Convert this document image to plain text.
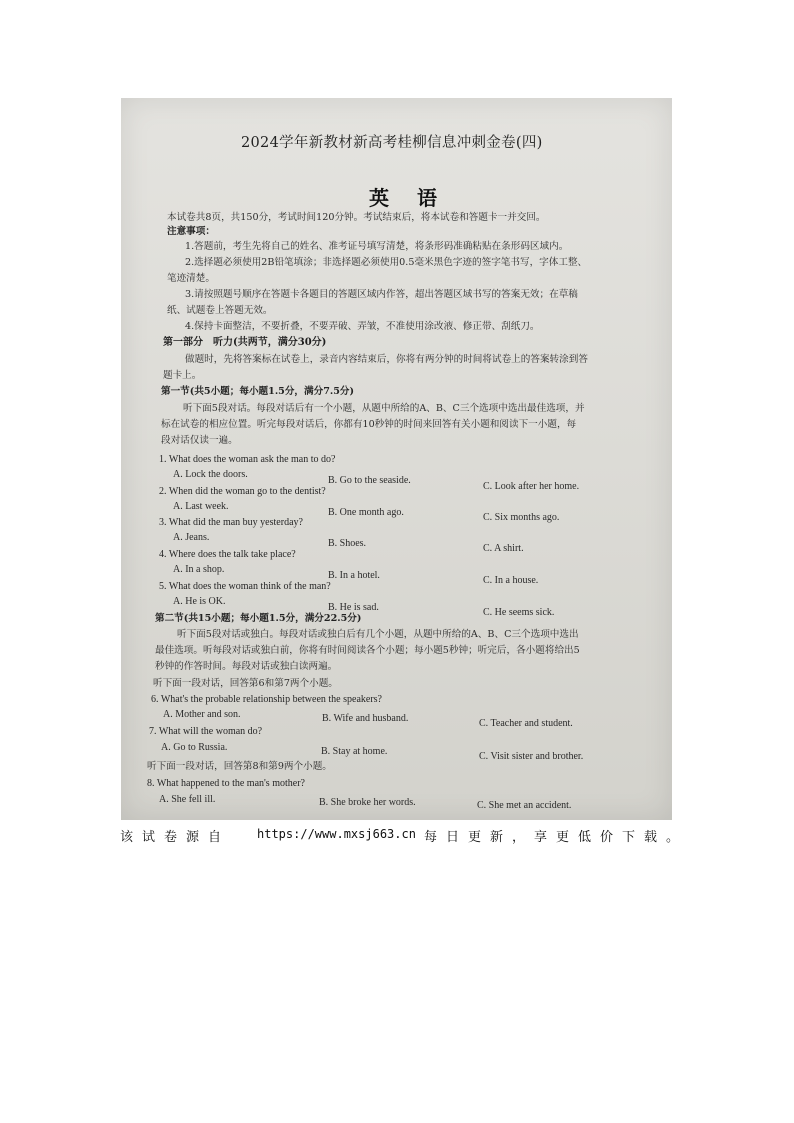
2024学年新教材新高考桂柳信息冲刺金卷(四)
英语
本试卷共8页，共150分，考试时间120分钟。考试结束后，将本试卷和答题卡一并交回。
注意事项：
1.答题前，考生先将自己的姓名、准考证号填写清楚，将条形码准确粘贴在条形码区域内。
2.选择题必须使用2B铅笔填涂；非选择题必须使用0.5毫米黑色字迹的签字笔书写，字体工整、
笔迹清楚。
3.请按照题号顺序在答题卡各题目的答题区域内作答，超出答题区域书写的答案无效；在草稿
纸、试题卷上答题无效。
4.保持卡面整洁，不要折叠，不要弄破、弄皱，不准使用涂改液、修正带、刮纸刀。
第一部分　听力(共两节，满分30分)
做题时，先将答案标在试卷上，录音内容结束后，你将有两分钟的时间将试卷上的答案转涂到答
题卡上。
第一节(共5小题；每小题1.5分，满分7.5分)
听下面5段对话。每段对话后有一个小题，从题中所给的A、B、C三个选项中选出最佳选项，并
标在试卷的相应位置。听完每段对话后，你都有10秒钟的时间来回答有关小题和阅读下一小题，每
段对话仅读一遍。
1. What does the woman ask the man to do?
A. Lock the doors.
B. Go to the seaside.
C. Look after her home.
2. When did the woman go to the dentist?
A. Last week.
B. One month ago.	C. Six months ago.
3. What did the man buy yesterday?
A. Jeans.
B. Shoes.	C. A shirt.
4. Where does the talk take place?
A. In a shop.
B. In a hotel.	C. In a house.
5. What does the woman think of the man?
A. He is OK.
B. He is sad.	C. He seems sick.
第二节(共15小题；每小题1.5分，满分22.5分)
听下面5段对话或独白。每段对话或独白后有几个小题，从题中所给的A、B、C三个选项中选出
最佳选项。听每段对话或独白前，你将有时间阅读各个小题；每小题5秒钟；听完后，各小题将给出5
秒钟的作答时间。每段对话或独白读两遍。
听下面一段对话，回答第6和第7两个小题。
6. What's the probable relationship between the speakers?
A. Mother and son.	B. Wife and husband.	C. Teacher and student.
7. What will the woman do?
A. Go to Russia.	B. Stay at home.	C. Visit sister and brother.
听下面一段对话，回答第8和第9两个小题。
8. What happened to the man's mother?
A. She fell ill.	B. She broke her words.	C. She met an accident.
该试卷源自 https://www.mxsj663.cn 每日更新，享更低价下载。
